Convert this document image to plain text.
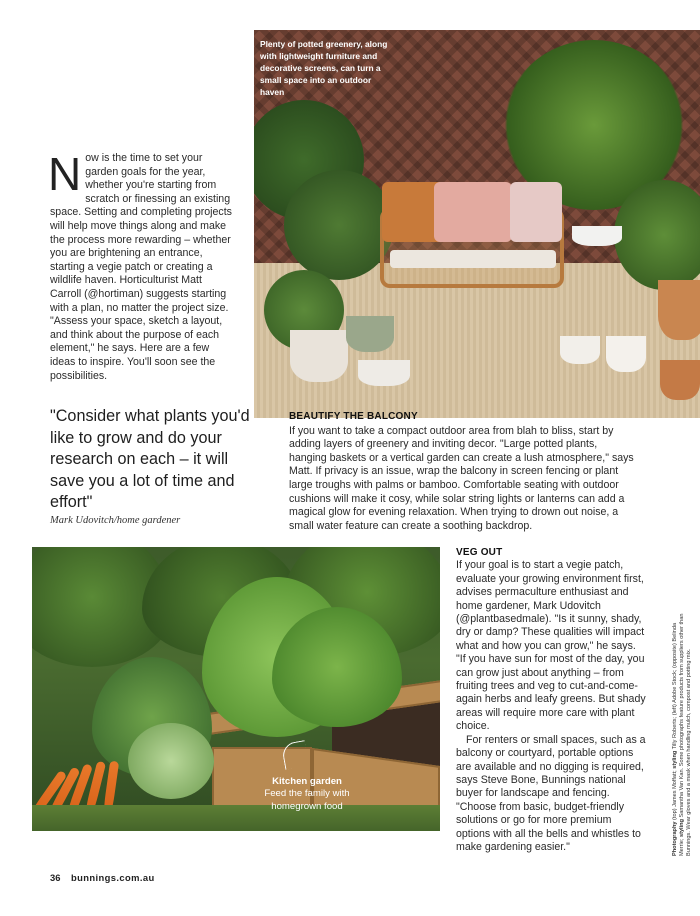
Plenty of potted greenery, along with lightweight furniture and decorative screens, can turn a small space into an outdoor haven
Now is the time to set your garden goals for the year, whether you're starting from scratch or finessing an existing space. Setting and completing projects will help move things along and make the process more rewarding – whether you are brightening an entrance, starting a vegie patch or creating a wildlife haven. Horticulturist Matt Carroll (@hortiman) suggests starting with a plan, no matter the project size. "Assess your space, sketch a layout, and think about the purpose of each element," he says. Here are a few ideas to inspire. You'll soon see the possibilities.
"Consider what plants you'd like to grow and do your research on each – it will save you a lot of time and effort"
Mark Udovitch/home gardener
BEAUTIFY THE BALCONY

If you want to take a compact outdoor area from blah to bliss, start by adding layers of greenery and inviting decor. "Large potted plants, hanging baskets or a vertical garden can create a lush atmosphere," says Matt. If privacy is an issue, wrap the balcony in screen fencing or plant large troughs with palms or bamboo. Comfortable seating with outdoor cushions will make it cosy, while solar string lights or lanterns can add a magical glow for evening relaxation. When trying to drown out noise, a small water feature can create a soothing backdrop.

Kitchen garden
Feed the family with homegrown food
VEG OUT

If your goal is to start a vegie patch, evaluate your growing environment first, advises permaculture enthusiast and home gardener, Mark Udovitch (@plantbasedmale). "Is it sunny, shady, dry or damp? These qualities will impact what and how you can grow," he says. "If you have sun for most of the day, you can grow just about anything – from fruiting trees and veg to cut-and-come-again herbs and leafy greens. But shady areas will require more care with plant choice.

For renters or small spaces, such as a balcony or courtyard, portable options are available and no digging is required, says Steve Bone, Bunnings national buyer for landscape and fencing. "Choose from basic, budget-friendly solutions or go for more premium options with all the bells and whistles to make gardening easier."	Photography (top) James Moffatt; styling Tilly Roberts; (left) Adobe Stock; (opposite) Belinda Merrie; styling Samantha Van Kan. Some photographs feature products from suppliers other than Bunnings. Wear gloves and a mask when handling mulch, compost and potting mix.
36 bunnings.com.au
